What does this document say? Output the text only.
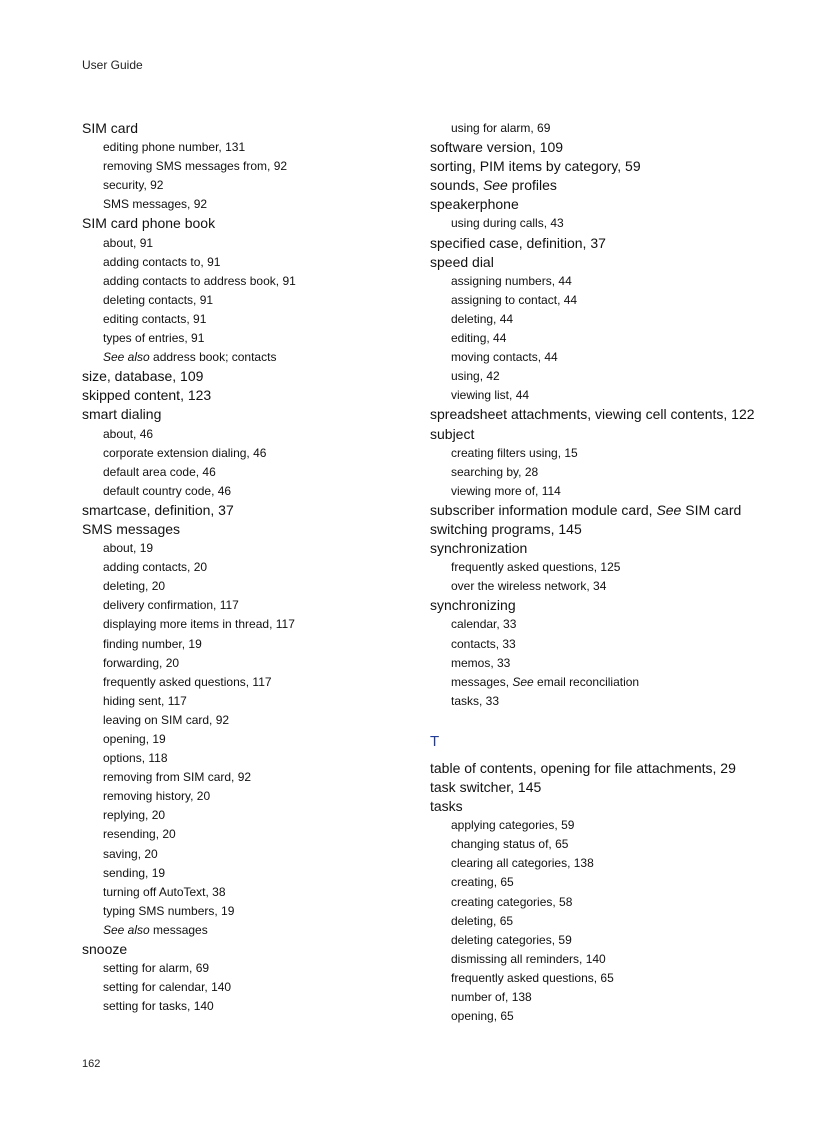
User Guide
SIM card
editing phone number, 131
removing SMS messages from, 92
security, 92
SMS messages, 92
SIM card phone book
about, 91
adding contacts to, 91
adding contacts to address book, 91
deleting contacts, 91
editing contacts, 91
types of entries, 91
See also address book; contacts
size, database, 109
skipped content, 123
smart dialing
about, 46
corporate extension dialing, 46
default area code, 46
default country code, 46
smartcase, definition, 37
SMS messages
about, 19
adding contacts, 20
deleting, 20
delivery confirmation, 117
displaying more items in thread, 117
finding number, 19
forwarding, 20
frequently asked questions, 117
hiding sent, 117
leaving on SIM card, 92
opening, 19
options, 118
removing from SIM card, 92
removing history, 20
replying, 20
resending, 20
saving, 20
sending, 19
turning off AutoText, 38
typing SMS numbers, 19
See also messages
snooze
setting for alarm, 69
setting for calendar, 140
setting for tasks, 140
using for alarm, 69
software version, 109
sorting, PIM items by category, 59
sounds, See profiles
speakerphone
using during calls, 43
specified case, definition, 37
speed dial
assigning numbers, 44
assigning to contact, 44
deleting, 44
editing, 44
moving contacts, 44
using, 42
viewing list, 44
spreadsheet attachments, viewing cell contents, 122
subject
creating filters using, 15
searching by, 28
viewing more of, 114
subscriber information module card, See SIM card
switching programs, 145
synchronization
frequently asked questions, 125
over the wireless network, 34
synchronizing
calendar, 33
contacts, 33
memos, 33
messages, See email reconciliation
tasks, 33
T
table of contents, opening for file attachments, 29
task switcher, 145
tasks
applying categories, 59
changing status of, 65
clearing all categories, 138
creating, 65
creating categories, 58
deleting, 65
deleting categories, 59
dismissing all reminders, 140
frequently asked questions, 65
number of, 138
opening, 65
162
